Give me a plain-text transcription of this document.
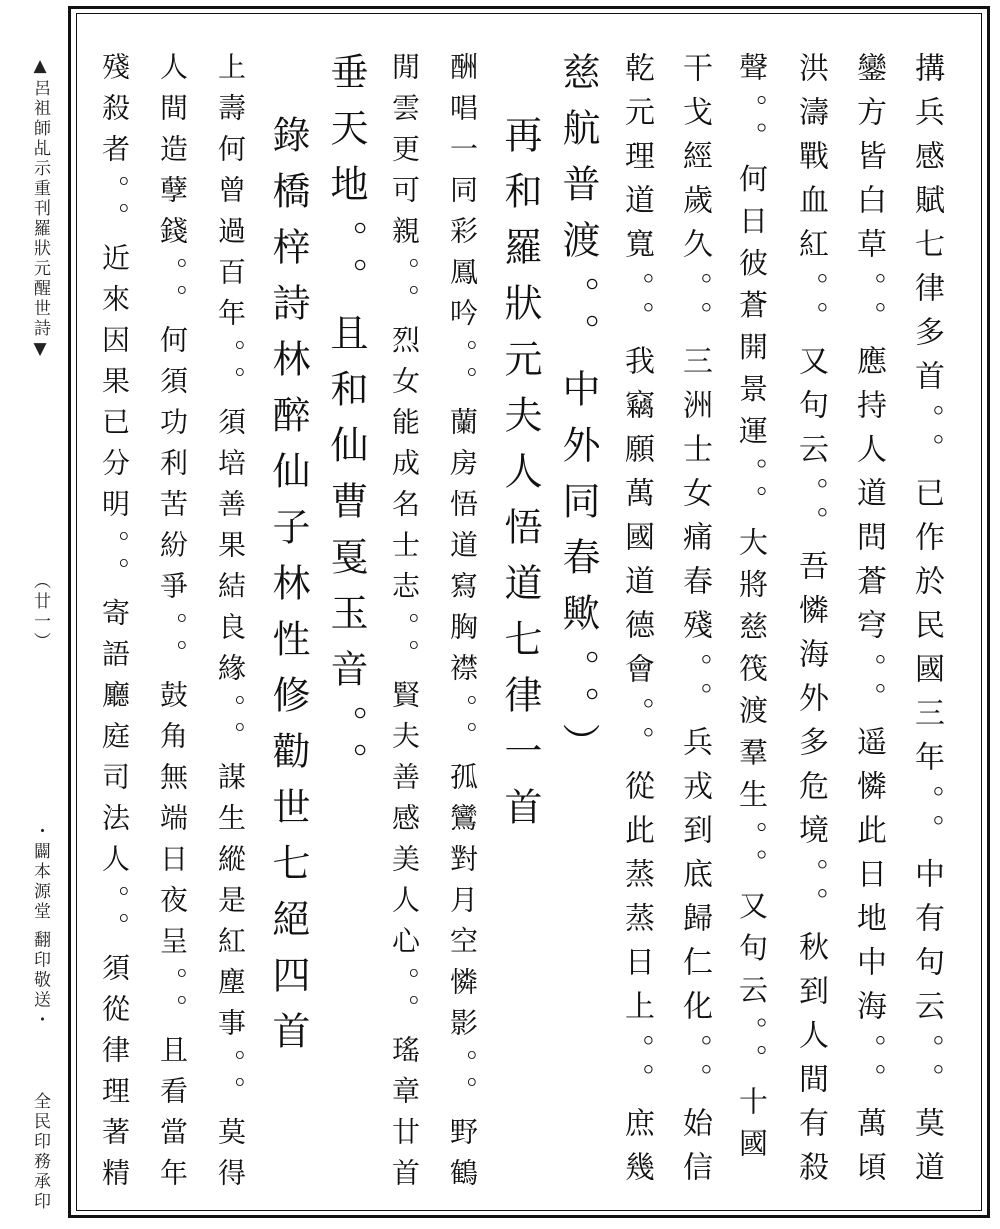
▲呂祖師乩示重刊羅狀元醒世詩▼
（廿一）
・闢本源堂 翻印敬送・
全民印務承印	搆兵感賦七律多首。。已作於民國三年。。中有句云。。莫道
鑾方皆白草。。應持人道問蒼穹。。遥憐此日地中海。。萬頃
洪濤戰血紅。。又句云。。吾憐海外多危境。。秋到人間有殺
聲。。何日彼蒼開景運。。大將慈筏渡羣生。。又句云。。十國
干戈經歲久。。三洲士女痛春殘。。兵戎到底歸仁化。。始信
乾元理道寬。。我竊願萬國道德會。。從此蒸蒸日上。。庶幾
慈航普渡。。中外同春歟。。）
再和羅狀元夫人悟道七律一首
酬唱一同彩鳳吟。。蘭房悟道寫胸襟。。孤鸞對月空憐影。。野鶴
閒雲更可親。。烈女能成名士志。。賢夫善感美人心。。瑤章廿首
垂天地。。且和仙曹戛玉音。。
錄橋梓詩林醉仙子林性修勸世七絕四首
上壽何曾過百年。。須培善果結良緣。。謀生縱是紅塵事。。莫得
人間造孽錢。。何須功利苦紛爭。。鼓角無端日夜呈。。且看當年
殘殺者。。近來因果已分明。。寄語廳庭司法人。。須從律理著精
